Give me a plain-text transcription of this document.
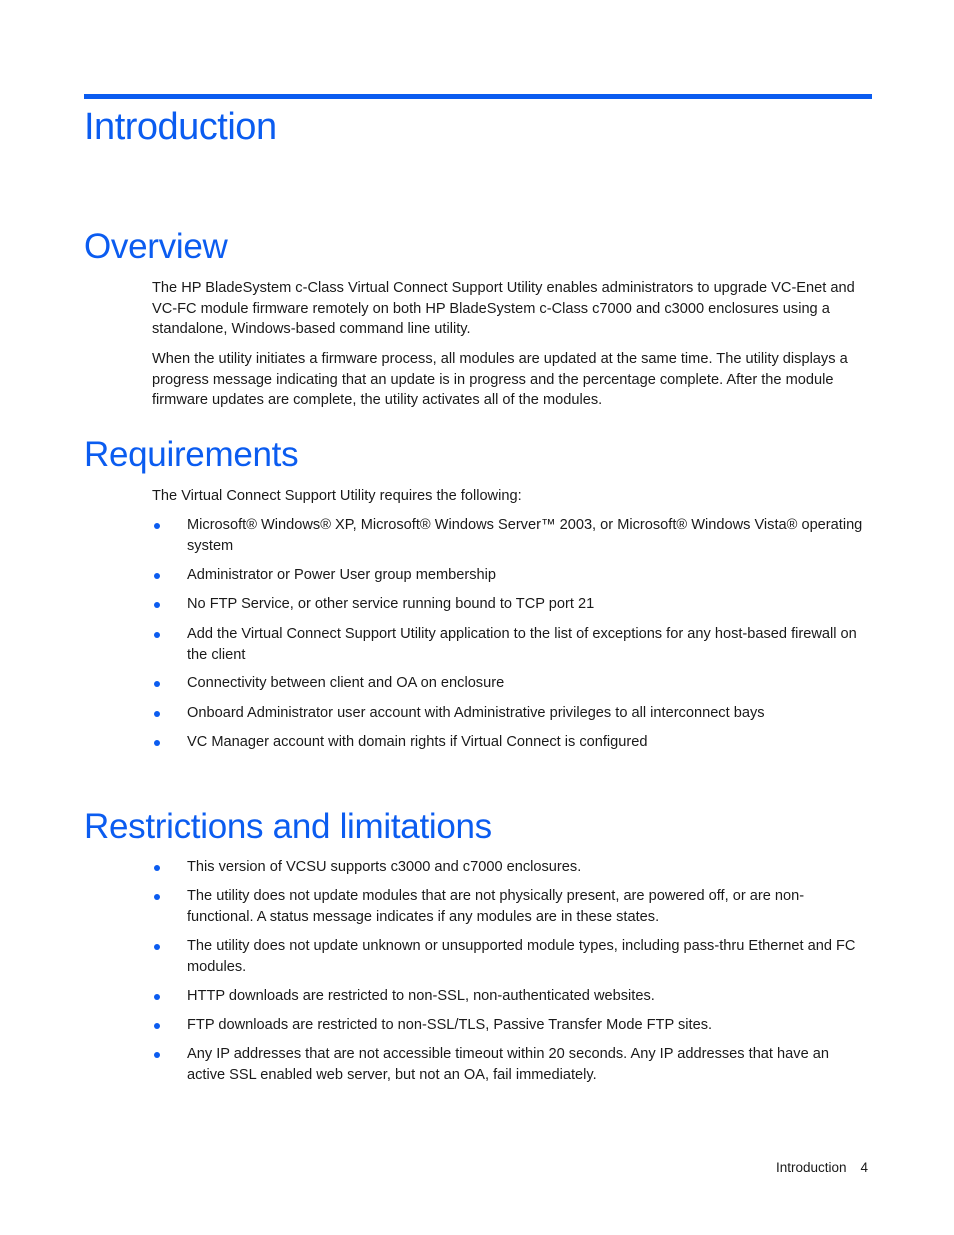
Introduction
Overview

The HP BladeSystem c-Class Virtual Connect Support Utility enables administrators to upgrade VC-Enet and VC-FC module firmware remotely on both HP BladeSystem c-Class c7000 and c3000 enclosures using a standalone, Windows-based command line utility.

When the utility initiates a firmware process, all modules are updated at the same time. The utility displays a progress message indicating that an update is in progress and the percentage complete. After the module firmware updates are complete, the utility activates all of the modules.

Requirements

The Virtual Connect Support Utility requires the following:

Microsoft® Windows® XP, Microsoft® Windows Server™ 2003, or Microsoft® Windows Vista® operating system
Administrator or Power User group membership
No FTP Service, or other service running bound to TCP port 21
Add the Virtual Connect Support Utility application to the list of exceptions for any host-based firewall on the client
Connectivity between client and OA on enclosure
Onboard Administrator user account with Administrative privileges to all interconnect bays
VC Manager account with domain rights if Virtual Connect is configured
Restrictions and limitations
This version of VCSU supports c3000 and c7000 enclosures.
The utility does not update modules that are not physically present, are powered off, or are non-functional. A status message indicates if any modules are in these states.
The utility does not update unknown or unsupported module types, including pass-thru Ethernet and FC modules.
HTTP downloads are restricted to non-SSL, non-authenticated websites.
FTP downloads are restricted to non-SSL/TLS, Passive Transfer Mode FTP sites.
Any IP addresses that are not accessible timeout within 20 seconds. Any IP addresses that have an active SSL enabled web server, but not an OA, fail immediately.
Introduction 4
